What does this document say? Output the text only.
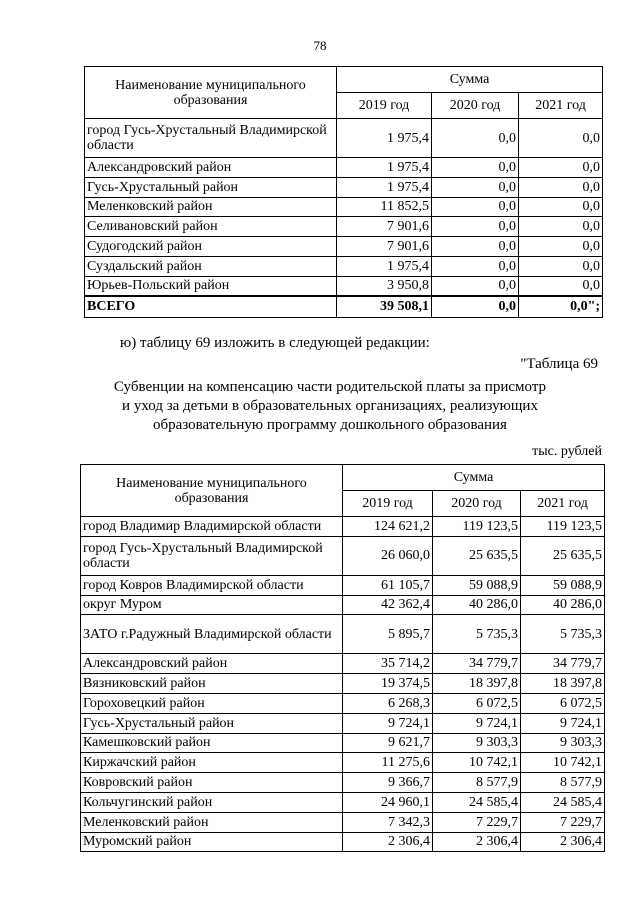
78
Наименование муниципального образования	Сумма		
	2019 год	2020 год	2021 год
город Гусь-Хрустальный Владимирской области	1 975,4	0,0	0,0
Александровский район	1 975,4	0,0	0,0
Гусь-Хрустальный район	1 975,4	0,0	0,0
Меленковский район	11 852,5	0,0	0,0
Селивановский район	7 901,6	0,0	0,0
Судогодский район	7 901,6	0,0	0,0
Суздальский район	1 975,4	0,0	0,0
Юрьев-Польский район	3 950,8	0,0	0,0
ВСЕГО	39 508,1	0,0	0,0";
ю) таблицу 69 изложить в следующей редакции:
"Таблица 69
Субвенции на компенсацию части родительской платы за присмотр
и уход за детьми в образовательных организациях, реализующих
образовательную программу дошкольного образования
тыс. рублей
Наименование муниципального образования	Сумма		
	2019 год	2020 год	2021 год
город Владимир Владимирской области	124 621,2	119 123,5	119 123,5
город Гусь-Хрустальный Владимирской области	26 060,0	25 635,5	25 635,5
город Ковров Владимирской области	61 105,7	59 088,9	59 088,9
округ Муром	42 362,4	40 286,0	40 286,0
ЗАТО г.Радужный Владимирской области	5 895,7	5 735,3	5 735,3
Александровский район	35 714,2	34 779,7	34 779,7
Вязниковский район	19 374,5	18 397,8	18 397,8
Гороховецкий район	6 268,3	6 072,5	6 072,5
Гусь-Хрустальный район	9 724,1	9 724,1	9 724,1
Камешковский район	9 621,7	9 303,3	9 303,3
Киржачский район	11 275,6	10 742,1	10 742,1
Ковровский район	9 366,7	8 577,9	8 577,9
Кольчугинский район	24 960,1	24 585,4	24 585,4
Меленковский район	7 342,3	7 229,7	7 229,7
Муромский район	2 306,4	2 306,4	2 306,4
